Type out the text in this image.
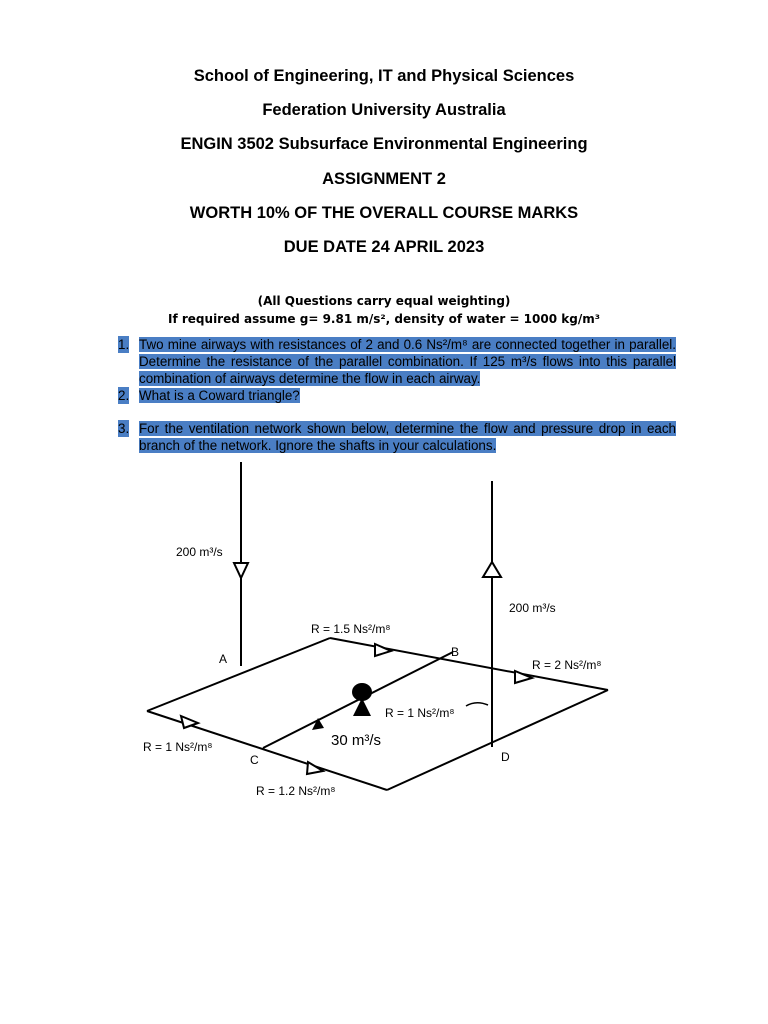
School of Engineering, IT and Physical Sciences
Federation University Australia
ENGIN 3502 Subsurface Environmental Engineering
ASSIGNMENT 2
WORTH 10% OF THE OVERALL COURSE MARKS
DUE DATE 24 APRIL 2023

(All Questions carry equal weighting)

If required assume g= 9.81 m/s², density of water = 1000 kg/m³

1. Two mine airways with resistances of 2 and 0.6 Ns²/m⁸ are connected together in parallel. Determine the resistance of the parallel combination. If 125 m³/s flows into this parallel combination of airways determine the flow in each airway.
2. What is a Coward triangle?
3. For the ventilation network shown below, determine the flow and pressure drop in each branch of the network. Ignore the shafts in your calculations.
200 m³/s
200 m³/s
R = 1.5 Ns²/m⁸
R = 2 Ns²/m⁸
R = 1 Ns²/m⁸
30 m³/s
R = 1 Ns²/m⁸
R = 1.2 Ns²/m⁸
A	B
C	D
